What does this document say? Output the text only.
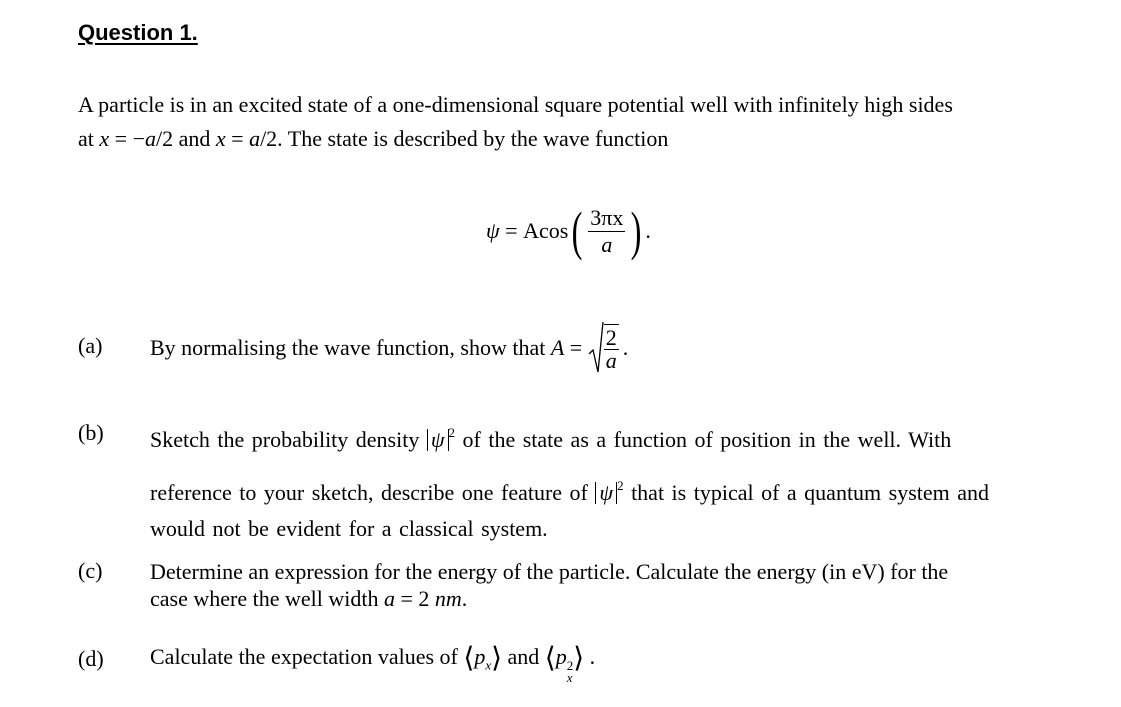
Question 1.
A particle is in an excited state of a one-dimensional square potential well with infinitely high sides
at x = −a/2 and x = a/2. The state is described by the wave function
ψ = Acos ( $\frac{3\pi x}{a}$ ) .
(a) By normalising the wave function, show that $A = \frac{2}{a}$ .
(b) Sketch the probability density ψ $^2$ of the state as a function of position in the well. With
reference to your sketch, describe one feature of ψ $^2$ that is typical of a quantum system and
would not be evident for a classical system.
(c) Determine an expression for the energy of the particle. Calculate the energy (in eV) for the
case where the well width a = 2 nm.
(d) Calculate the expectation values of $⟨p_x⟩$ and ⟨p 2
x
⟩ .
